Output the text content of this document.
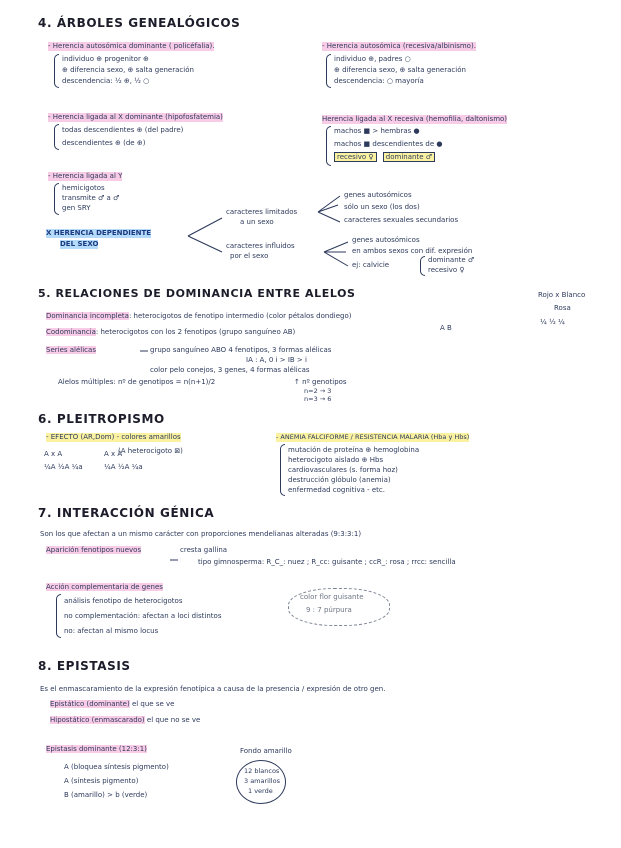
4. ÁRBOLES GENEALÓGICOS
- Herencia autosómica dominante ( policéfalia).
individuo ⊕ progenitor ⊕
⊕ diferencia sexo, ⊕ salta generación
descendencia: ½ ⊕, ½ ○
- Herencia autosómica (recesiva/albinismo).
individuo ⊕, padres ○
⊕ diferencia sexo, ⊕ salta generación
descendencia: ○ mayoría
- Herencia ligada al X dominante (hipofosfatemia)
todas descendientes ⊕ (del padre)
descendientes ⊕ (de ⊕)
Herencia ligada al X recesiva (hemofilia, daltonismo)
machos ■ > hembras ●
machos ■ descendientes de ●
recesivo ♀ dominante ♂
- Herencia ligada al Y
hemicigotos
transmite ♂ a ♂
gen SRY
X HERENCIA DEPENDIENTE
DEL SEXO
caracteres limitados
a un sexo
genes autosómicos
sólo un sexo (los dos)
caracteres sexuales secundarios
caracteres influidos
por el sexo
genes autosómicos
en ambos sexos con dif. expresión
ej: calvicie
dominante ♂
recesivo ♀
5. RELACIONES DE DOMINANCIA ENTRE ALELOS	Rojo x Blanco
Rosa
¼ ½ ¼
Dominancia incompleta: heterocigotos de fenotipo intermedio (color pétalos dondiego)
Codominancia: heterocigotos con los 2 fenotipos (grupo sanguíneo AB)	A B
Series alélicas	grupo sanguíneo ABO 4 fenotipos, 3 formas alélicas
IA : A, 0 i > IB > i
color pelo conejos, 3 genes, 4 formas alélicas
Alelos múltiples: nº de genotipos = n(n+1)/2	↑ nº genotipos
n=2 → 3
n=3 → 6
6. PLEITROPISMO
- EFECTO (AR,Dom) - colores amarillos
A x A
¼A ½A ¼a
(A heterocigoto ⊠)
A x A
¼A ½A ¼a
- ANEMIA FALCIFORME / RESISTENCIA MALARIA (Hba y Hbs)
mutación de proteína ⊕ hemoglobina
heterocigoto aislado ⊕ Hbs
cardiovasculares (s. forma hoz)
destrucción glóbulo (anemia)
enfermedad cognitiva - etc.
7. INTERACCIÓN GÉNICA
Son los que afectan a un mismo carácter con proporciones mendelianas alteradas (9:3:3:1)
Aparición fenotipos nuevos	cresta gallina
tipo gimnosperma: R_C_: nuez ; R_cc: guisante ; ccR_: rosa ; rrcc: sencilla
Acción complementaria de genes
análisis fenotipo de heterocigotos
no complementación: afectan a loci distintos
no: afectan al mismo locus
color flor guisante
9 : 7 púrpura
8. EPISTASIS
Es el enmascaramiento de la expresión fenotípica a causa de la presencia / expresión de otro gen.
Epistático (dominante) el que se ve
Hipostático (enmascarado) el que no se ve
Epistasis dominante (12:3:1)	Fondo amarillo
A (bloquea síntesis pigmento)
A (síntesis pigmento)
B (amarillo) > b (verde)
12 blancos
3 amarillos
1 verde
